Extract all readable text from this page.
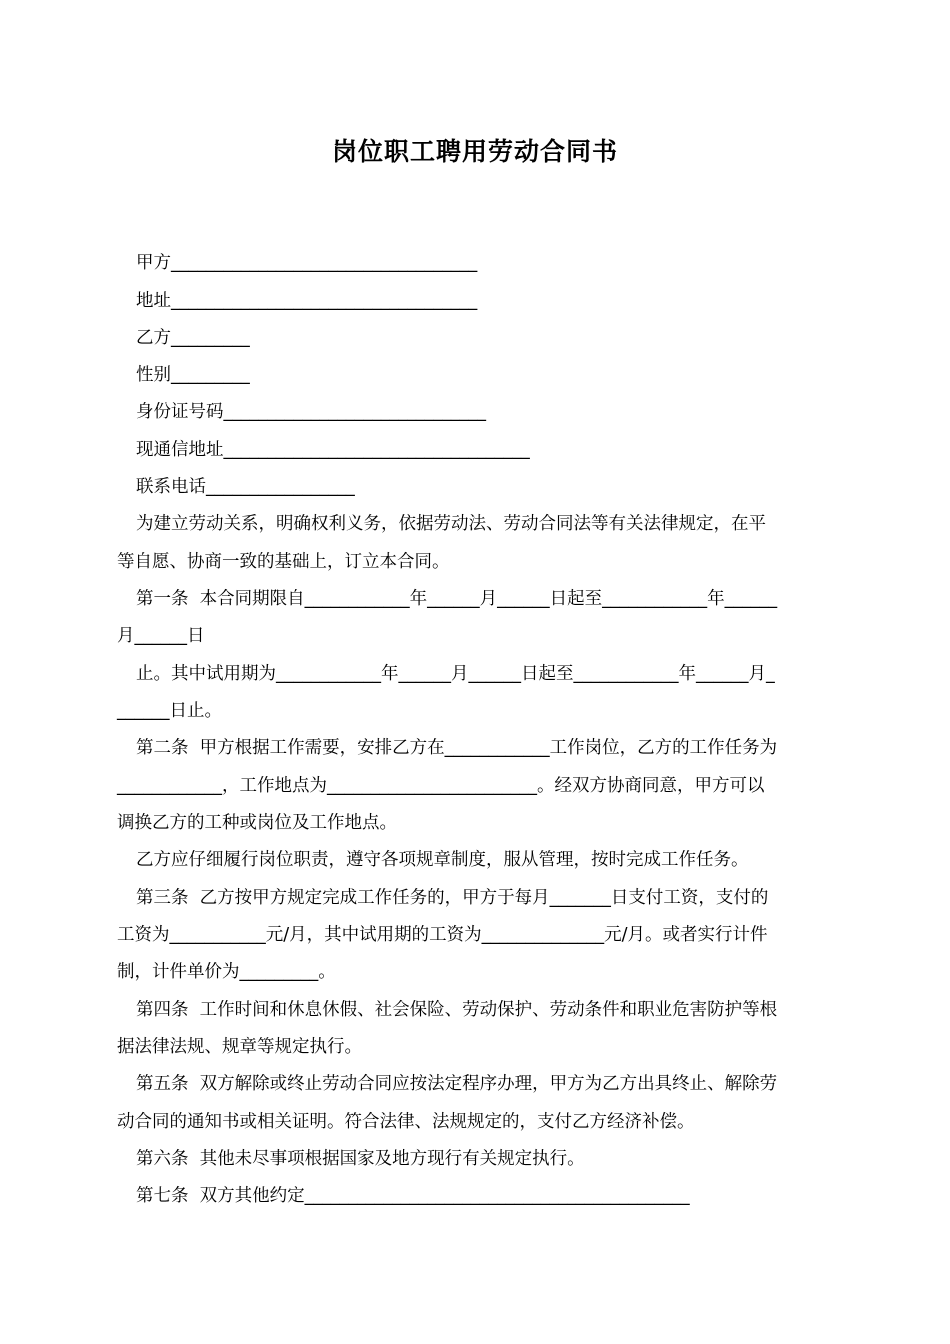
岗位职工聘用劳动合同书
甲方___________________________________
地址___________________________________
乙方_________
性别_________
身份证号码______________________________
现通信地址___________________________________
联系电话_________________
为建立劳动关系，明确权利义务，依据劳动法、劳动合同法等有关法律规定，在平
等自愿、协商一致的基础上，订立本合同。
第一条  本合同期限自____________年______月______日起至____________年______
月______日
止。其中试用期为____________年______月______日起至____________年______月_
______日止。
第二条  甲方根据工作需要，安排乙方在____________工作岗位，乙方的工作任务为
____________，工作地点为________________________。经双方协商同意，甲方可以
调换乙方的工种或岗位及工作地点。
乙方应仔细履行岗位职责，遵守各项规章制度，服从管理，按时完成工作任务。
第三条  乙方按甲方规定完成工作任务的，甲方于每月_______日支付工资，支付的
工资为___________元/月，其中试用期的工资为______________元/月。或者实行计件
制，计件单价为_________。
第四条  工作时间和休息休假、社会保险、劳动保护、劳动条件和职业危害防护等根
据法律法规、规章等规定执行。
第五条  双方解除或终止劳动合同应按法定程序办理，甲方为乙方出具终止、解除劳
动合同的通知书或相关证明。符合法律、法规规定的，支付乙方经济补偿。
第六条  其他未尽事项根据国家及地方现行有关规定执行。
第七条  双方其他约定____________________________________________
